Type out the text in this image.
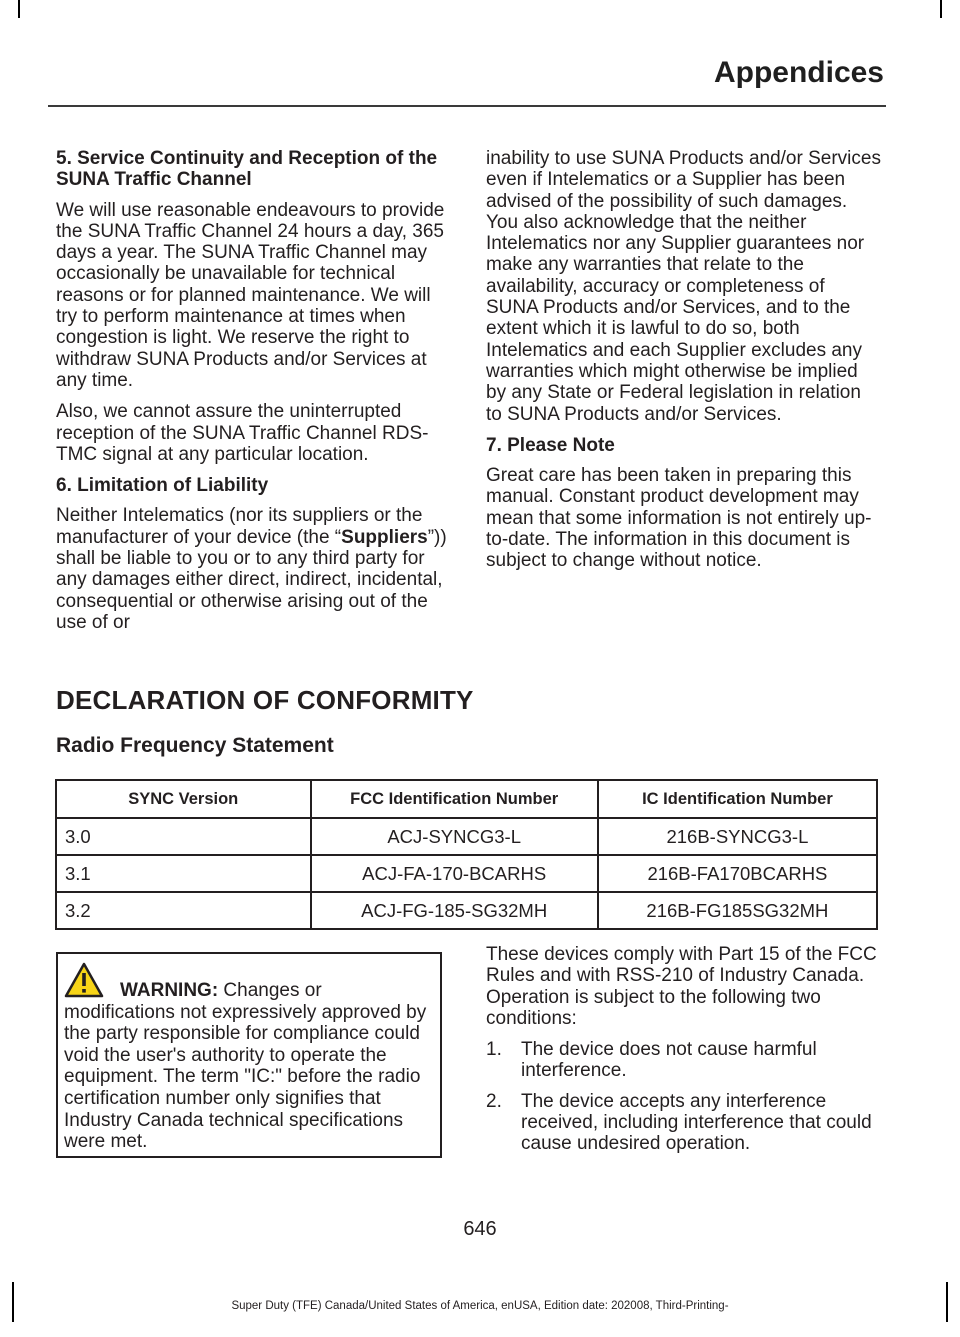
Appendices
5. Service Continuity and Reception of the SUNA Traffic Channel

We will use reasonable endeavours to provide the SUNA Traffic Channel 24 hours a day, 365 days a year. The SUNA Traffic Channel may occasionally be unavailable for technical reasons or for planned maintenance. We will try to perform maintenance at times when congestion is light. We reserve the right to withdraw SUNA Products and/or Services at any time.

Also, we cannot assure the uninterrupted reception of the SUNA Traffic Channel RDS-TMC signal at any particular location.

6. Limitation of Liability

Neither Intelematics (nor its suppliers or the manufacturer of your device (the “Suppliers”)) shall be liable to you or to any third party for any damages either direct, indirect, incidental, consequential or otherwise arising out of the use of or

inability to use SUNA Products and/or Services even if Intelematics or a Supplier has been advised of the possibility of such damages. You also acknowledge that the neither Intelematics nor any Supplier guarantees nor make any warranties that relate to the availability, accuracy or completeness of SUNA Products and/or Services, and to the extent which it is lawful to do so, both Intelematics and each Supplier excludes any warranties which might otherwise be implied by any State or Federal legislation in relation to SUNA Products and/or Services.

7. Please Note

Great care has been taken in preparing this manual. Constant product development may mean that some information is not entirely up-to-date. The information in this document is subject to change without notice.

DECLARATION OF CONFORMITY
Radio Frequency Statement
SYNC Version	FCC Identification Number	IC Identification Number
3.0	ACJ-SYNCG3-L	216B-SYNCG3-L
3.1	ACJ-FA-170-BCARHS	216B-FA170BCARHS
3.2	ACJ-FG-185-SG32MH	216B-FG185SG32MH
WARNING: Changes or modifications not expressively approved by the party responsible for compliance could void the user's authority to operate the equipment. The term "IC:" before the radio certification number only signifies that Industry Canada technical specifications were met.

These devices comply with Part 15 of the FCC Rules and with RSS-210 of Industry Canada. Operation is subject to the following two conditions:

1. The device does not cause harmful interference.
2. The device accepts any interference received, including interference that could cause undesired operation.
646
Super Duty (TFE) Canada/United States of America, enUSA, Edition date: 202008, Third-Printing-
